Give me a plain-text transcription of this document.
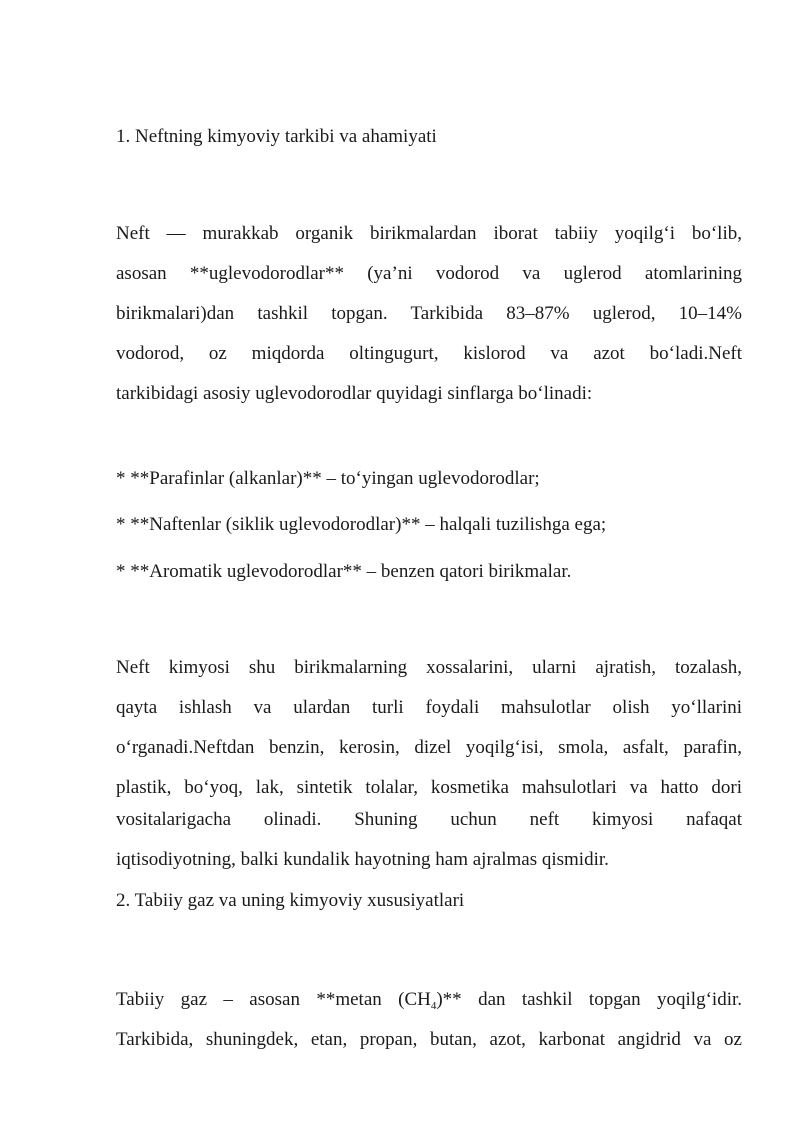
1. Neftning kimyoviy tarkibi va ahamiyati
Neft — murakkab organik birikmalardan iborat tabiiy yoqilg‘i bo‘lib,
asosan **uglevodorodlar** (ya’ni vodorod va uglerod atomlarining
birikmalari)dan tashkil topgan. Tarkibida 83–87% uglerod, 10–14%
vodorod, oz miqdorda oltingugurt, kislorod va azot bo‘ladi.Neft
tarkibidagi asosiy uglevodorodlar quyidagi sinflarga bo‘linadi:
* **Parafinlar (alkanlar)** – to‘yingan uglevodorodlar;
* **Naftenlar (siklik uglevodorodlar)** – halqali tuzilishga ega;
* **Aromatik uglevodorodlar** – benzen qatori birikmalar.
Neft kimyosi shu birikmalarning xossalarini, ularni ajratish, tozalash,
qayta ishlash va ulardan turli foydali mahsulotlar olish yo‘llarini
o‘rganadi.Neftdan benzin, kerosin, dizel yoqilg‘isi, smola, asfalt, parafin,
plastik, bo‘yoq, lak, sintetik tolalar, kosmetika mahsulotlari va hatto dori
vositalarigacha olinadi. Shuning uchun neft kimyosi nafaqat
iqtisodiyotning, balki kundalik hayotning ham ajralmas qismidir.
2. Tabiiy gaz va uning kimyoviy xususiyatlari
Tabiiy gaz – asosan **metan $(CH_4)**$ dan tashkil topgan yoqilg‘idir.
Tarkibida, shuningdek, etan, propan, butan, azot, karbonat angidrid va oz
